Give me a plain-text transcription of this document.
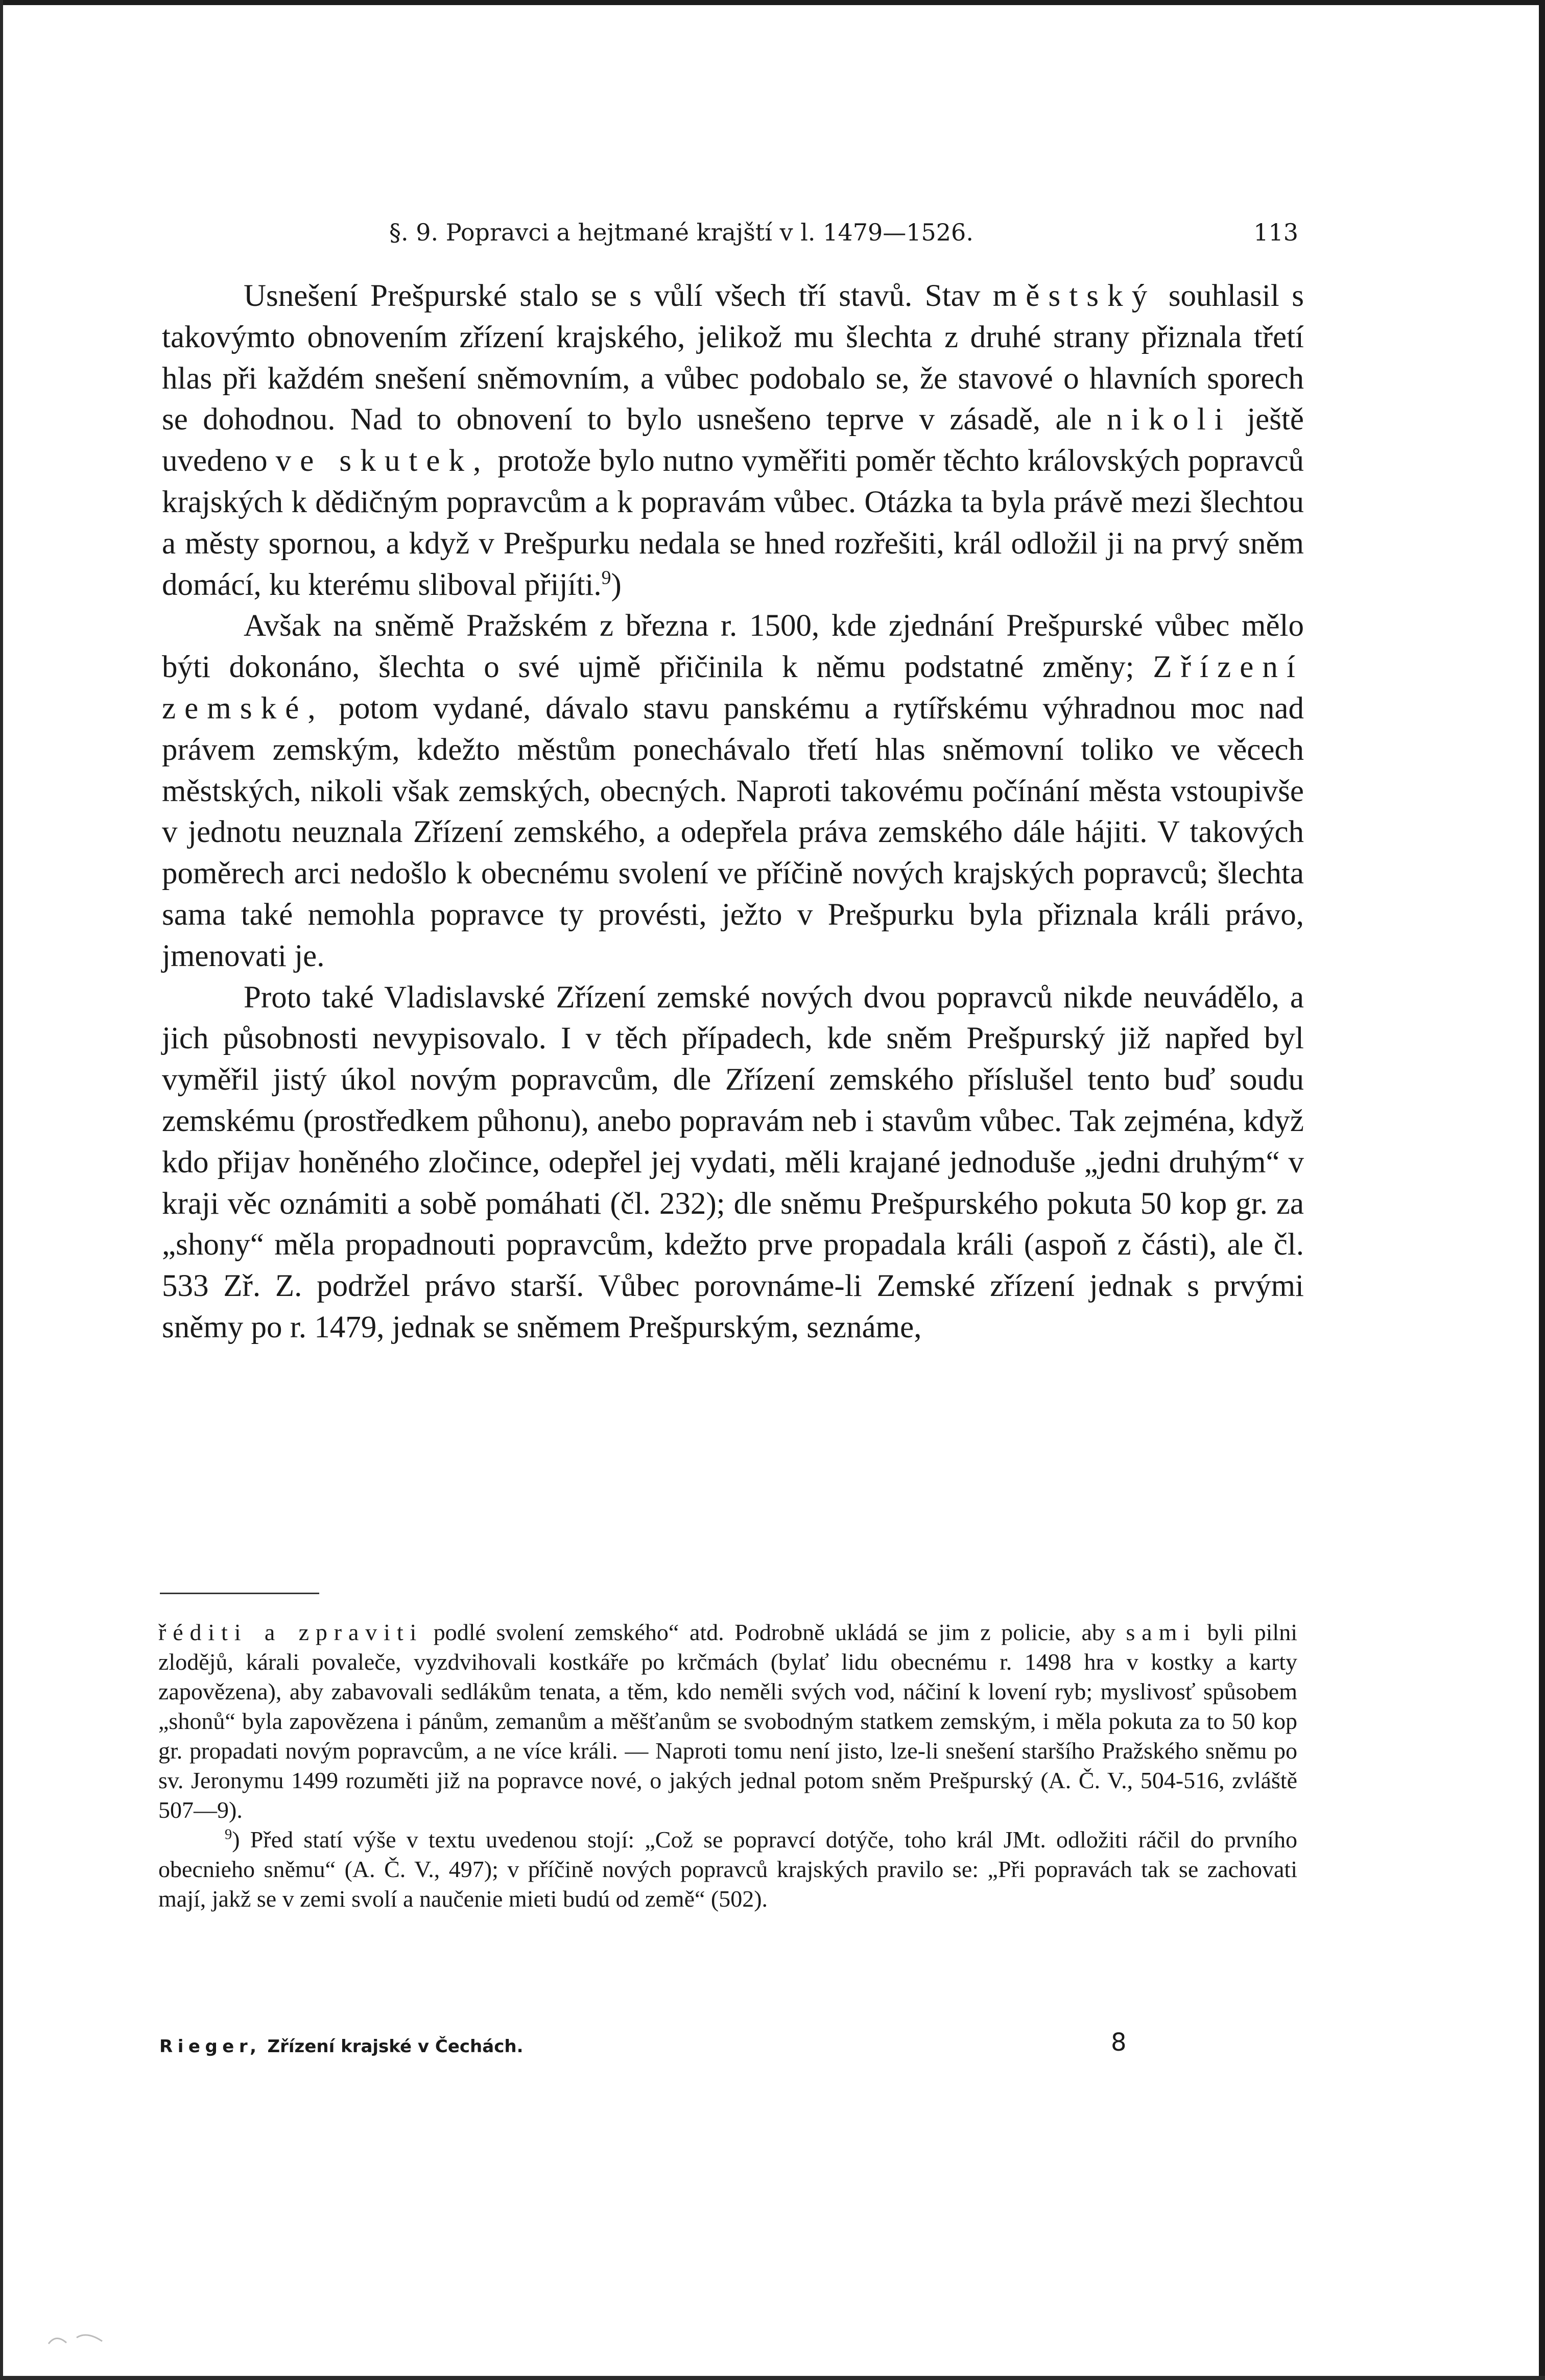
§. 9. Popravci a hejtmané krajští v l. 1479—1526.	113

Usnešení Prešpurské stalo se s vůlí všech tří stavů. Stav městský souhlasil s takovýmto obnovením zřízení krajského, jelikož mu šlechta z druhé strany přiznala třetí hlas při každém snešení sněmovním, a vůbec podobalo se, že stavové o hlavních sporech se dohodnou. Nad to obnovení to bylo usnešeno teprve v zásadě, ale nikoli ještě uvedeno ve skutek, protože bylo nutno vyměřiti poměr těchto královských popravců krajských k dědičným popravcům a k popravám vůbec. Otázka ta byla právě mezi šlechtou a městy spornou, a když v Prešpurku nedala se hned rozřešiti, král odložil ji na prvý sněm domácí, ku kterému sliboval přijíti.$^9$)

Avšak na sněmě Pražském z března r. 1500, kde zjednání Prešpurské vůbec mělo býti dokonáno, šlechta o své ujmě přičinila k němu podstatné změny; Zřízení zemské, potom vydané, dávalo stavu panskému a rytířskému výhradnou moc nad právem zemským, kdežto městům ponechávalo třetí hlas sněmovní toliko ve věcech městských, nikoli však zemských, obecných. Naproti takovému počínání města vstoupivše v jednotu neuznala Zřízení zemského, a odepřela práva zemského dále hájiti. V takových poměrech arci nedošlo k obecnému svolení ve příčině nových krajských popravců; šlechta sama také nemohla popravce ty provésti, ježto v Prešpurku byla přiznala králi právo, jmenovati je.

Proto také Vladislavské Zřízení zemské nových dvou popravců nikde neuvádělo, a jich působnosti nevypisovalo. I v těch případech, kde sněm Prešpurský již napřed byl vyměřil jistý úkol novým popravcům, dle Zřízení zemského příslušel tento buď soudu zemskému (prostředkem půhonu), anebo popravám neb i stavům vůbec. Tak zejména, když kdo přijav honěného zločince, odepřel jej vydati, měli krajané jednoduše „jedni druhým“ v kraji věc oznámiti a sobě pomáhati (čl. 232); dle sněmu Prešpurského pokuta 50 kop gr. za „shony“ měla propadnouti popravcům, kdežto prve propadala králi (aspoň z části), ale čl. 533 Zř. Z. podržel právo starší. Vůbec porovnáme-li Zemské zřízení jednak s prvými sněmy po r. 1479, jednak se sněmem Prešpurským, seznáme,

řéditi a zpraviti podlé svolení zemského“ atd. Podrobně ukládá se jim z policie, aby sami byli pilni zlodějů, kárali povaleče, vyzdvihovali kostkáře po krčmách (bylať lidu obecnému r. 1498 hra v kostky a karty zapovězena), aby zabavovali sedlákům tenata, a těm, kdo neměli svých vod, náčiní k lovení ryb; myslivosť spůsobem „shonů“ byla zapovězena i pánům, zemanům a měšťanům se svobodným statkem zemským, i měla pokuta za to 50 kop gr. propadati novým popravcům, a ne více králi. — Naproti tomu není jisto, lze-li snešení staršího Pražského sněmu po sv. Jeronymu 1499 rozuměti již na popravce nové, o jakých jednal potom sněm Prešpurský (A. Č. V., 504-516, zvláště 507—9).

$^9$) Před statí výše v textu uvedenou stojí: „Což se popravcí dotýče, toho král JMt. odložiti ráčil do prvního obecnieho sněmu“ (A. Č. V., 497); v příčině nových popravců krajských pravilo se: „Při popravách tak se zachovati mají, jakž se v zemi svolí a naučenie mieti budú od země“ (502).

Rieger, Zřízení krajské v Čechách.	8
